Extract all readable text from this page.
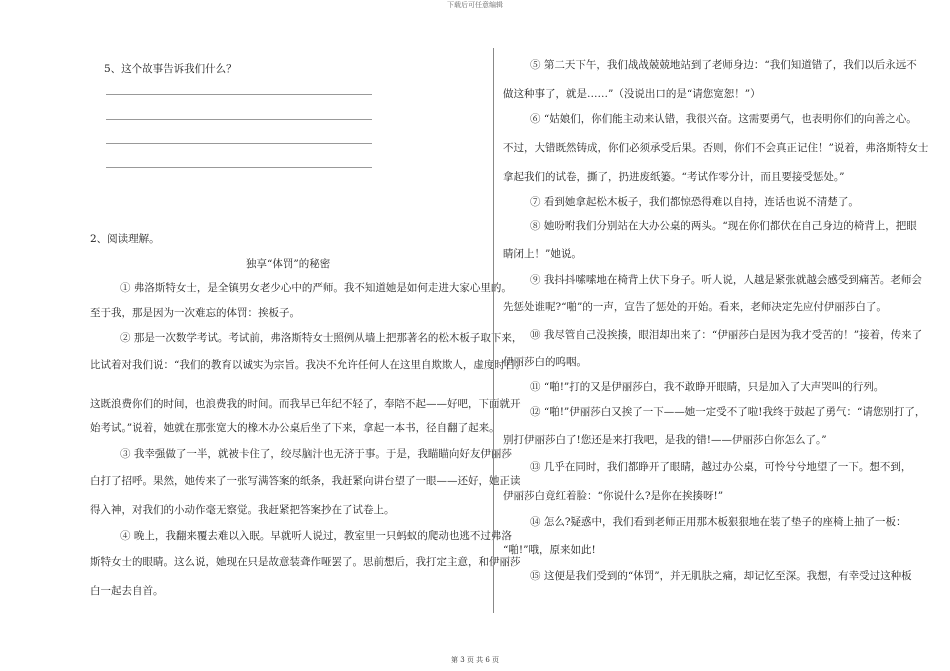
下载后可任意编辑
5、这个故事告诉我们什么？
2、阅读理解。
独享“体罚”的秘密
① 弗洛斯特女士，是全镇男女老少心中的严师。我不知道她是如何走进大家心里的。
至于我，那是因为一次难忘的体罚：挨板子。
② 那是一次数学考试。考试前，弗洛斯特女士照例从墙上把那著名的松木板子取下来，
比试着对我们说：“我们的教育以诚实为宗旨。我决不允许任何人在这里自欺欺人，虚度时日。
这既浪费你们的时间，也浪费我的时间。而我早已年纪不轻了，奉陪不起——好吧，下面就开
始考试。”说着，她就在那张宽大的橡木办公桌后坐了下来，拿起一本书，径自翻了起来。
③ 我幸强做了一半，就被卡住了，绞尽脑汁也无济于事。于是，我瞄瞄向好友伊丽莎
白打了招呼。果然，她传来了一张写满答案的纸条，我赶紧向讲台望了一眼——还好，她正读
得入神，对我们的小动作毫无察觉。我赶紧把答案抄在了试卷上。
④ 晚上，我翻来覆去难以入眠。早就听人说过，教室里一只蚂蚁的爬动也逃不过弗洛
斯特女士的眼睛。这么说，她现在只是故意装聋作哑罢了。思前想后，我打定主意，和伊丽莎
白一起去自首。
⑤ 第二天下午，我们战战兢兢地站到了老师身边：“我们知道错了，我们以后永远不
做这种事了，就是……”（没说出口的是“请您宽恕！”）
⑥ “姑娘们，你们能主动来认错，我很兴奋。这需要勇气，也表明你们的向善之心。
不过，大错既然铸成，你们必须承受后果。否则，你们不会真正记住！”说着，弗洛斯特女士
拿起我们的试卷，撕了，扔进废纸篓。“考试作零分计，而且要接受惩处。”
⑦ 看到她拿起松木板子，我们都惊恐得难以自持，连话也说不清楚了。
⑧ 她吩咐我们分别站在大办公桌的两头。“现在你们都伏在自己身边的椅背上，把眼
睛闭上！”她说。
⑨ 我抖抖嗦嗦地在椅背上伏下身子。听人说，人越是紧张就越会感受到痛苦。老师会
先惩处谁呢?“啪”的一声，宣告了惩处的开始。看来，老师决定先应付伊丽莎白了。
⑩ 我尽管自己没挨揍，眼泪却出来了：“伊丽莎白是因为我才受苦的！”接着，传来了
伊丽莎白的呜咽。
⑪ “啪!”打的又是伊丽莎白，我不敢睁开眼睛，只是加入了大声哭叫的行列。
⑫ “啪!”伊丽莎白又挨了一下——她一定受不了啦!我终于鼓起了勇气：“请您别打了，
别打伊丽莎白了!您还是来打我吧，是我的错!——伊丽莎白你怎么了。”
⑬ 几乎在同时，我们都睁开了眼睛，越过办公桌，可怜兮兮地望了一下。想不到，
伊丽莎白竟红着脸：“你说什么?是你在挨揍呀!”
⑭ 怎么?疑惑中，我们看到老师正用那木板狠狠地在装了垫子的座椅上抽了一板：
“啪!”哦，原来如此!
⑮ 这便是我们受到的“体罚”，并无肌肤之痛，却记忆至深。我想，有幸受过这种板
第 3 页 共 6 页
